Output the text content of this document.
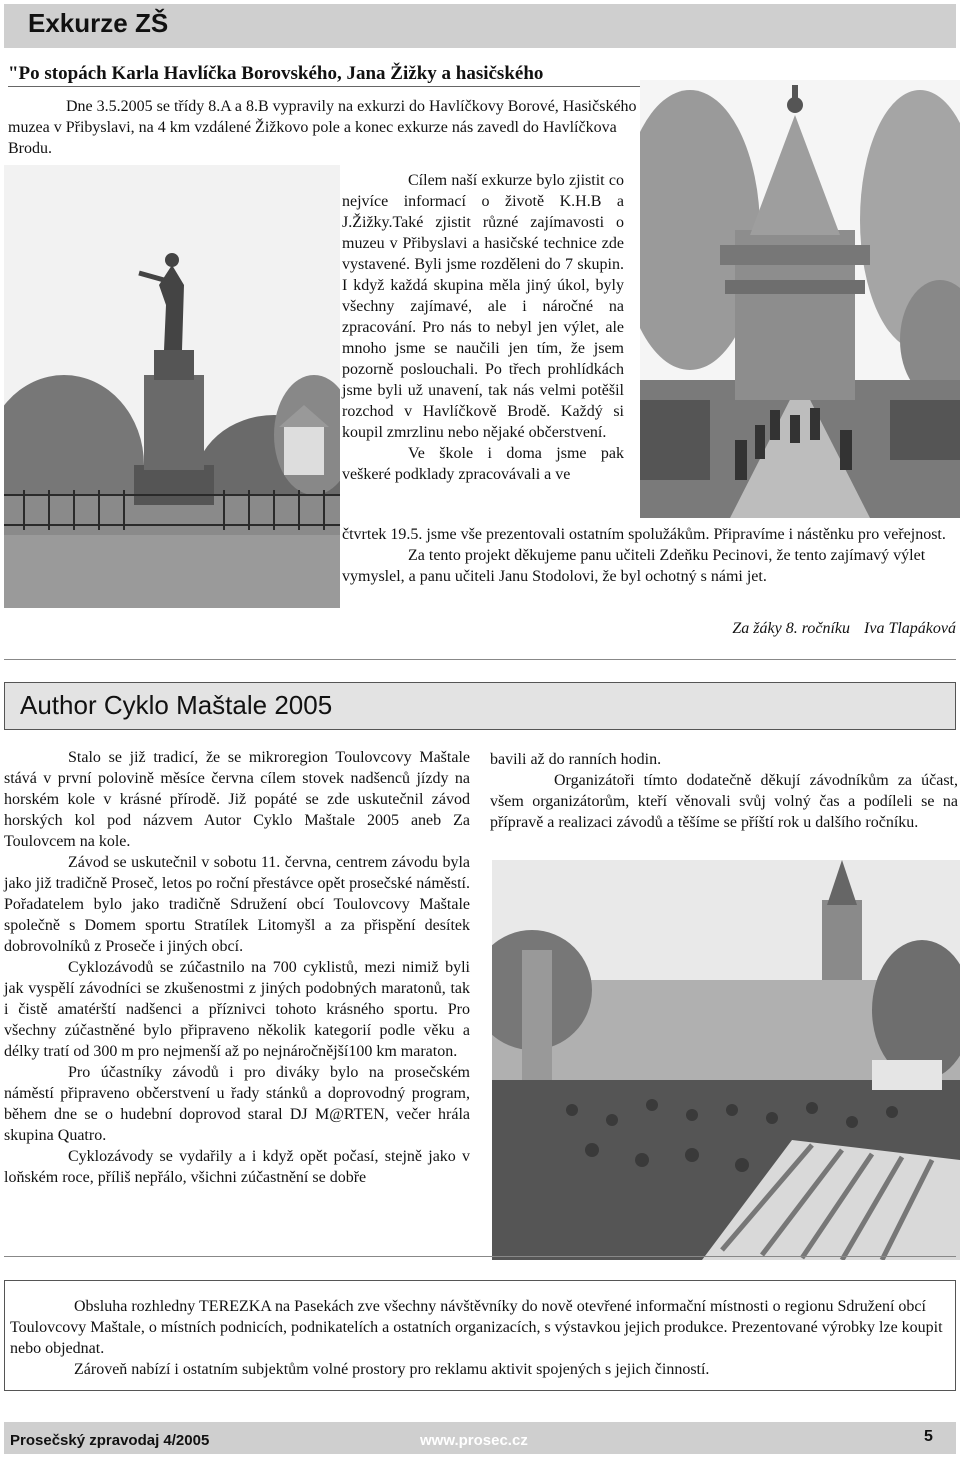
Exkurze ZŠ
"Po stopách Karla Havlíčka Borovského, Jana Žižky a hasičského

Dne 3.5.2005 se třídy 8.A a 8.B vypravily na exkurzi do Havlíčkovy Borové, Hasičského muzea v Přibyslavi, na 4 km vzdálené Žižkovo pole a konec exkurze nás zavedl do Havlíčkova Brodu.

Cílem naší exkurze bylo zjistit co nejvíce informací o životě K.H.B a J.Žižky.Také zjistit různé zajímavosti o muzeu v Přibyslavi a hasičské technice zde vystavené. Byli jsme rozděleni do 7 skupin. I když každá skupina měla jiný úkol, byly všechny zajímavé, ale i náročné na zpracování. Pro nás to nebyl jen výlet, ale mnoho jsme se naučili jen tím, že jsem pozorně poslouchali. Po třech prohlídkách jsme byli už unavení, tak nás velmi potěšil rozchod v Havlíčkově Brodě. Každý si koupil zmrzlinu nebo nějaké občerstvení.

Ve škole i doma jsme pak veškeré podklady zpracovávali a ve

čtvrtek 19.5. jsme vše prezentovali ostatním spolužákům. Připravíme i nástěnku pro veřejnost.

Za tento projekt děkujeme panu učiteli Zdeňku Pecinovi, že tento zajímavý výlet vymyslel, a panu učiteli Janu Stodolovi, že byl ochotný s námi jet.

Za žáky 8. ročníku Iva Tlapáková
Author Cyklo Maštale 2005

Stalo se již tradicí, že se mikroregion Toulovcovy Maštale stává v první polovině měsíce června cílem stovek nadšenců jízdy na horském kole v krásné přírodě. Již popáté se zde uskutečnil závod horských kol pod názvem Autor Cyklo Maštale 2005 aneb Za Toulovcem na kole.

Závod se uskutečnil v sobotu 11. června, centrem závodu byla jako již tradičně Proseč, letos po roční přestávce opět prosečské náměstí. Pořadatelem bylo jako tradičně Sdružení obcí Toulovcovy Maštale společně s Domem sportu Stratílek Litomyšl a za přispění desítek dobrovolníků z Proseče i jiných obcí.

Cyklozávodů se zúčastnilo na 700 cyklistů, mezi nimiž byli jak vyspělí závodníci se zkušenostmi z jiných podobných maratonů, tak i čistě amatérští nadšenci a příznivci tohoto krásného sportu. Pro všechny zúčastněné bylo připraveno několik kategorií podle věku a délky tratí od 300 m pro nejmenší až po nejnáročnější100 km maraton.

Pro účastníky závodů i pro diváky bylo na prosečském náměstí připraveno občerstvení u řady stánků a doprovodný program, během dne se o hudební doprovod staral DJ M@RTEN, večer hrála skupina Quatro.

Cyklozávody se vydařily a i když opět počasí, stejně jako v loňském roce, příliš nepřálo, všichni zúčastnění se dobře

bavili až do ranních hodin.

Organizátoři tímto dodatečně děkují závodníkům za účast, všem organizátorům, kteří věnovali svůj volný čas a podíleli se na přípravě a realizaci závodů a těšíme se příští rok u dalšího ročníku.

Obsluha rozhledny TEREZKA na Pasekách zve všechny návštěvníky do nově otevřené informační místnosti o regionu Sdružení obcí Toulovcovy Maštale, o místních podnicích, podnikatelích a ostatních organizacích, s výstavkou jejich produkce. Prezentované výrobky lze koupit nebo objednat.

Zároveň nabízí i ostatním subjektům volné prostory pro reklamu aktivit spojených s jejich činností.

Prosečský zpravodaj 4/2005	www.prosec.cz	5
